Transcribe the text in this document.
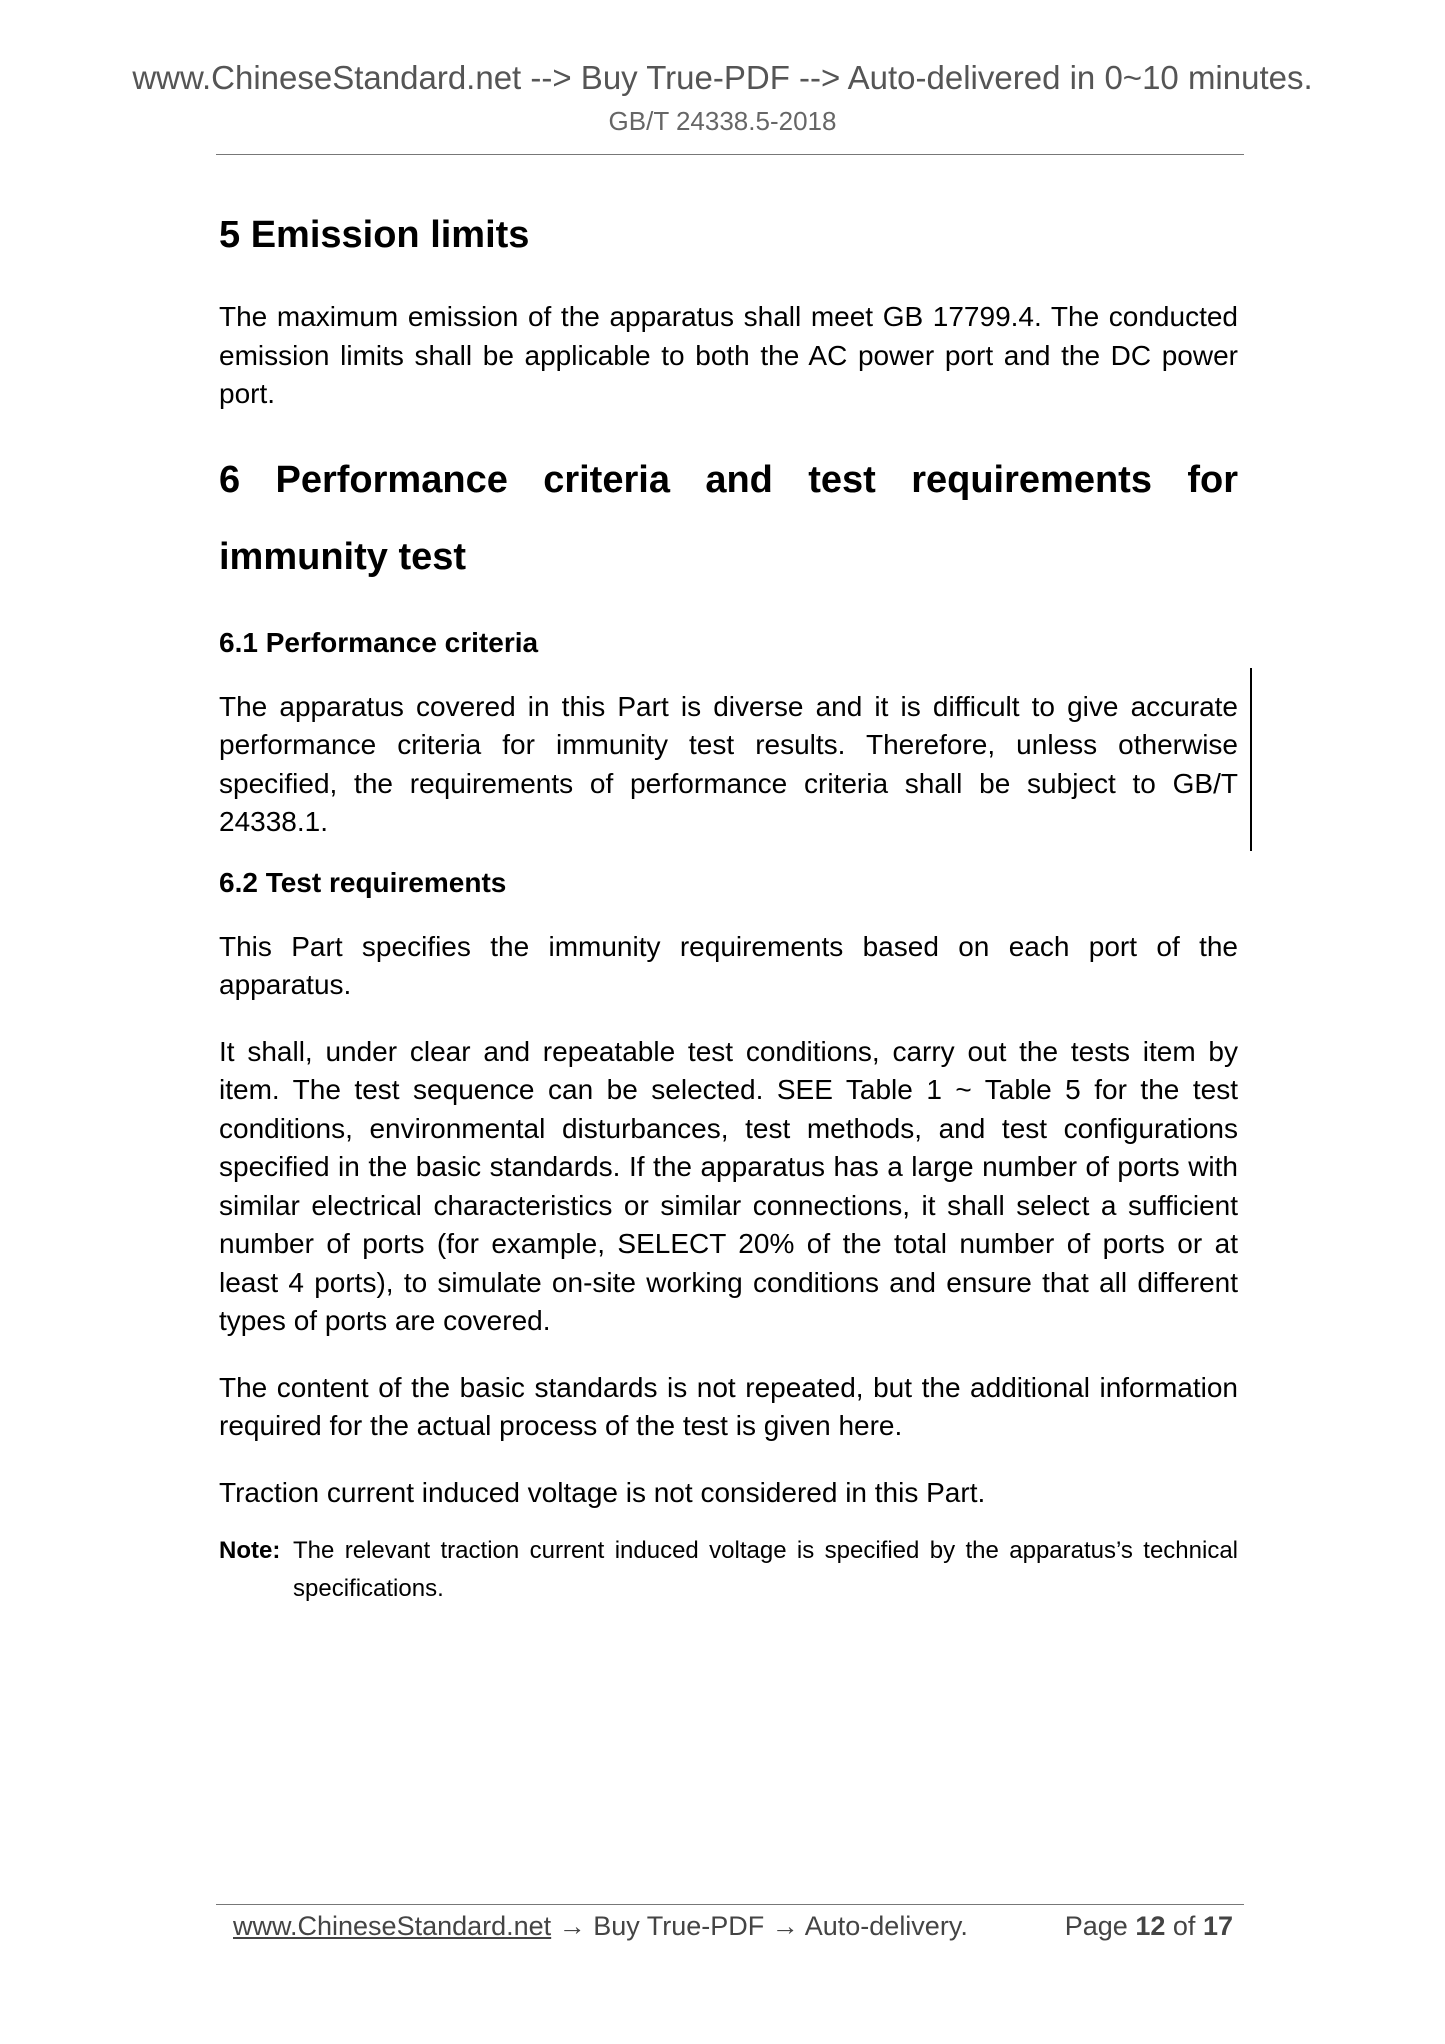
www.ChineseStandard.net --> Buy True-PDF --> Auto-delivered in 0~10 minutes.
GB/T 24338.5-2018
5 Emission limits

The maximum emission of the apparatus shall meet GB 17799.4. The conducted emission limits shall be applicable to both the AC power port and the DC power port.

6 Performance criteria and test requirements for
immunity test
6.1 Performance criteria

The apparatus covered in this Part is diverse and it is difficult to give accurate performance criteria for immunity test results. Therefore, unless otherwise specified, the requirements of performance criteria shall be subject to GB/T 24338.1.

6.2 Test requirements

This Part specifies the immunity requirements based on each port of the apparatus.

It shall, under clear and repeatable test conditions, carry out the tests item by item. The test sequence can be selected. SEE Table 1 ~ Table 5 for the test conditions, environmental disturbances, test methods, and test configurations specified in the basic standards. If the apparatus has a large number of ports with similar electrical characteristics or similar connections, it shall select a sufficient number of ports (for example, SELECT 20% of the total number of ports or at least 4 ports), to simulate on-site working conditions and ensure that all different types of ports are covered.

The content of the basic standards is not repeated, but the additional information required for the actual process of the test is given here.

Traction current induced voltage is not considered in this Part.

Note: The relevant traction current induced voltage is specified by the apparatus’s technical specifications.
www.ChineseStandard.net → Buy True-PDF → Auto-delivery.	Page 12 of 17
